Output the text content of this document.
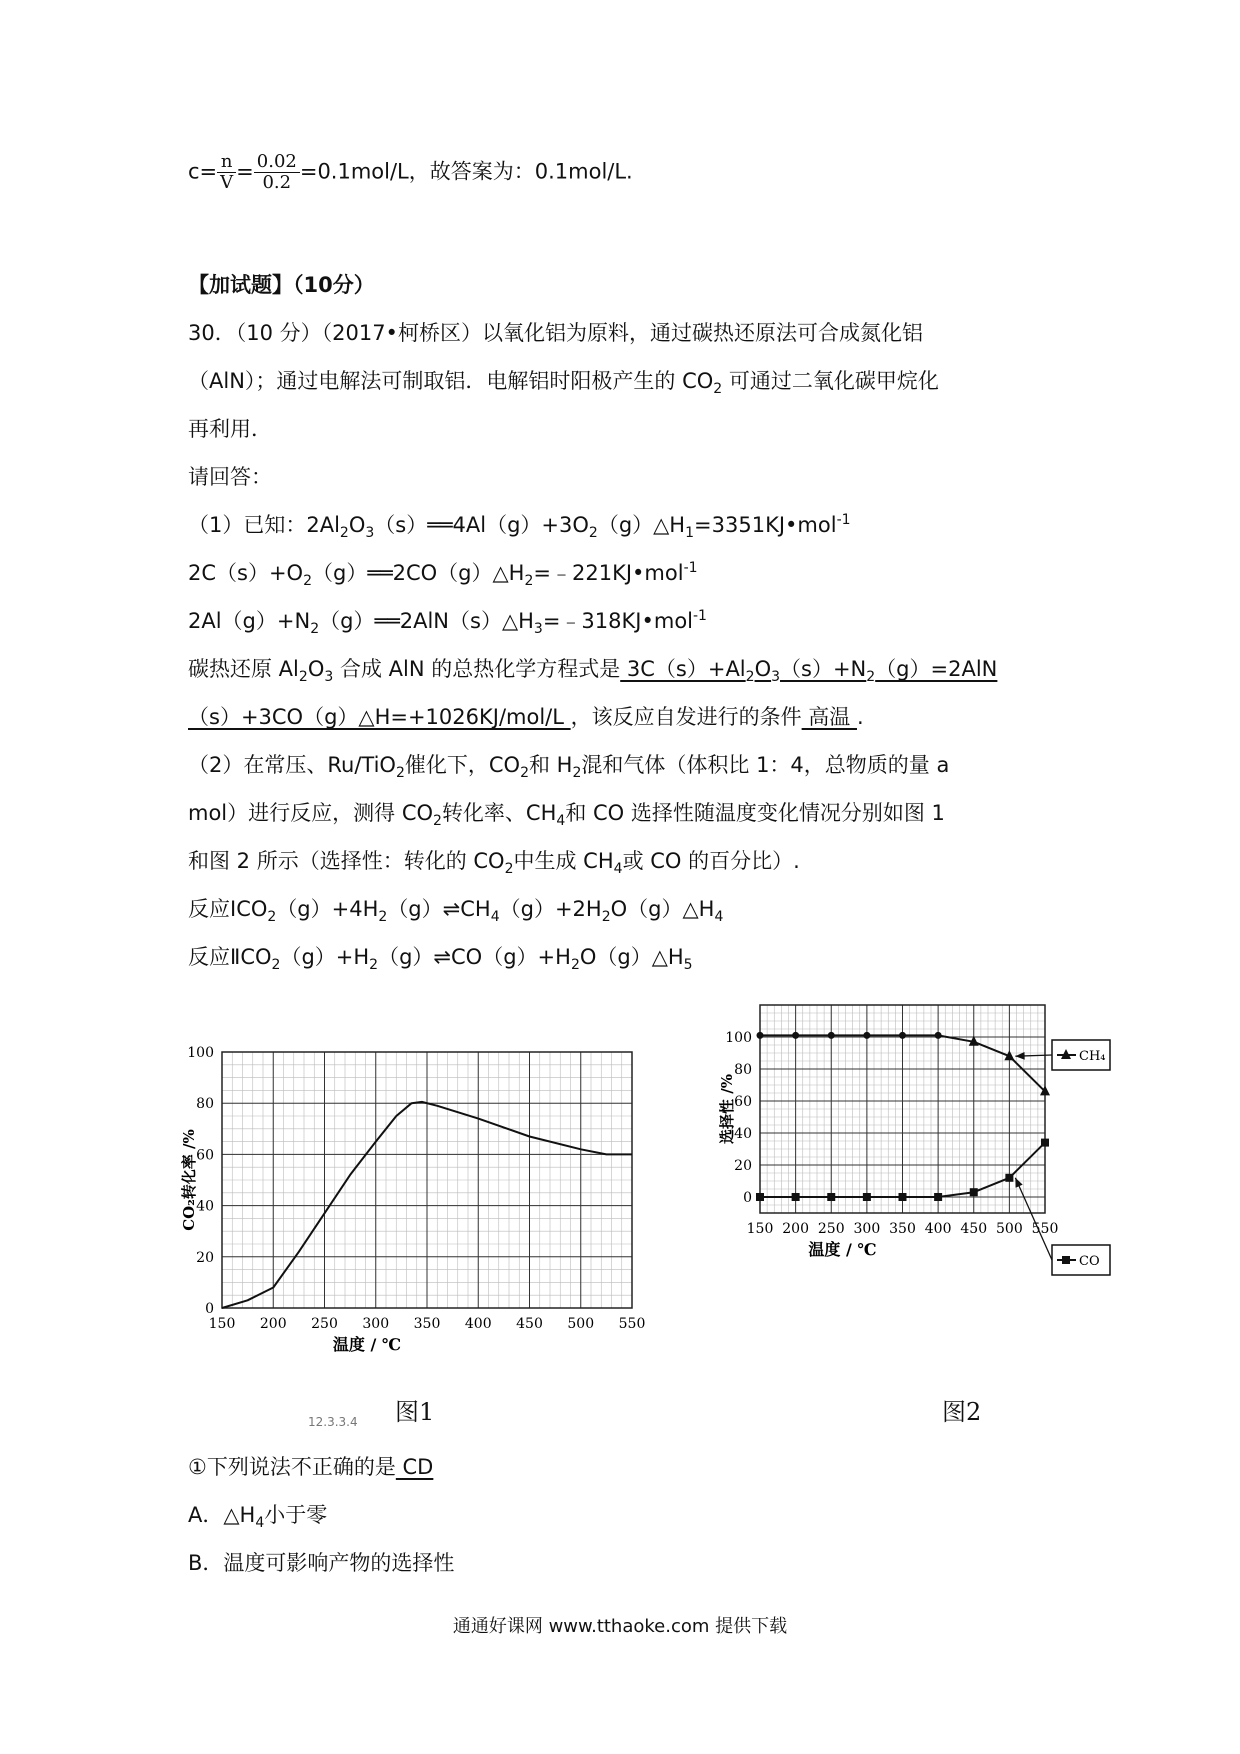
$c= \frac{n}{V} = \frac{0.02}{0.2} =0.1mol/L$，故答案为：0.1mol/L.
【加试题】（10分）
30．（10 分）（2017•柯桥区）以氧化铝为原料，通过碳热还原法可合成氮化铝
（AlN）；通过电解法可制取铝．电解铝时阳极产生的 $CO_2$ 可通过二氧化碳甲烷化
再利用．
请回答：
（1）已知：$2Al_2O_3(s)══4Al(g)+3O_2(g)\triangle H_1=3351KJ•mol^{-1}$
$2C(s)+O_2(g)══2CO(g)\triangle H_2=﹣221KJ•mol^{-1}$
$2Al(g)+N_2(g)══2AlN(s)\triangle H_3=﹣318KJ•mol^{-1}$
碳热还原 $Al_2O_3$ 合成 AlN 的总热化学方程式是 $3C(s)+Al_2O_3(s)+N_2(g)=2AlN$
（s）+3CO（g）△H=+1026KJ/mol/L ，该反应自发进行的条件 高温 .
（2）在常压、Ru/TiO$_2$催化下，$CO_2$和 $H_2$混和气体（体积比 1：4，总物质的量 a
mol）进行反应，测得 $CO_2$转化率、$CH_4$和 CO 选择性随温度变化情况分别如图 1
和图 2 所示（选择性：转化的 $CO_2$中生成 $CH_4$或 CO 的百分比）.
反应$ⅠCO_2(g)+4H_2(g)\rightleftharpoons CH_4(g)+2H_2O(g)\triangle H_4$
反应$ⅡCO_2(g)+H_2(g)\rightleftharpoons CO(g)+H_2O(g)\triangle H_5$
150 200 250 300 350 400 450 500 550
0
20
40
60
80
100
温度 / ℃
CO₂转化率 /%
图1
12.3.3.4
150 200 250 300 350 400 450 500 550
0
20
40
60
80
100
温度 / ℃
选择性 /%
CH₄
CO
图2
①下列说法不正确的是 CD
A．$\triangle H_4$小于零
B．温度可影响产物的选择性
通通好课网 www.tthaoke.com 提供下载
